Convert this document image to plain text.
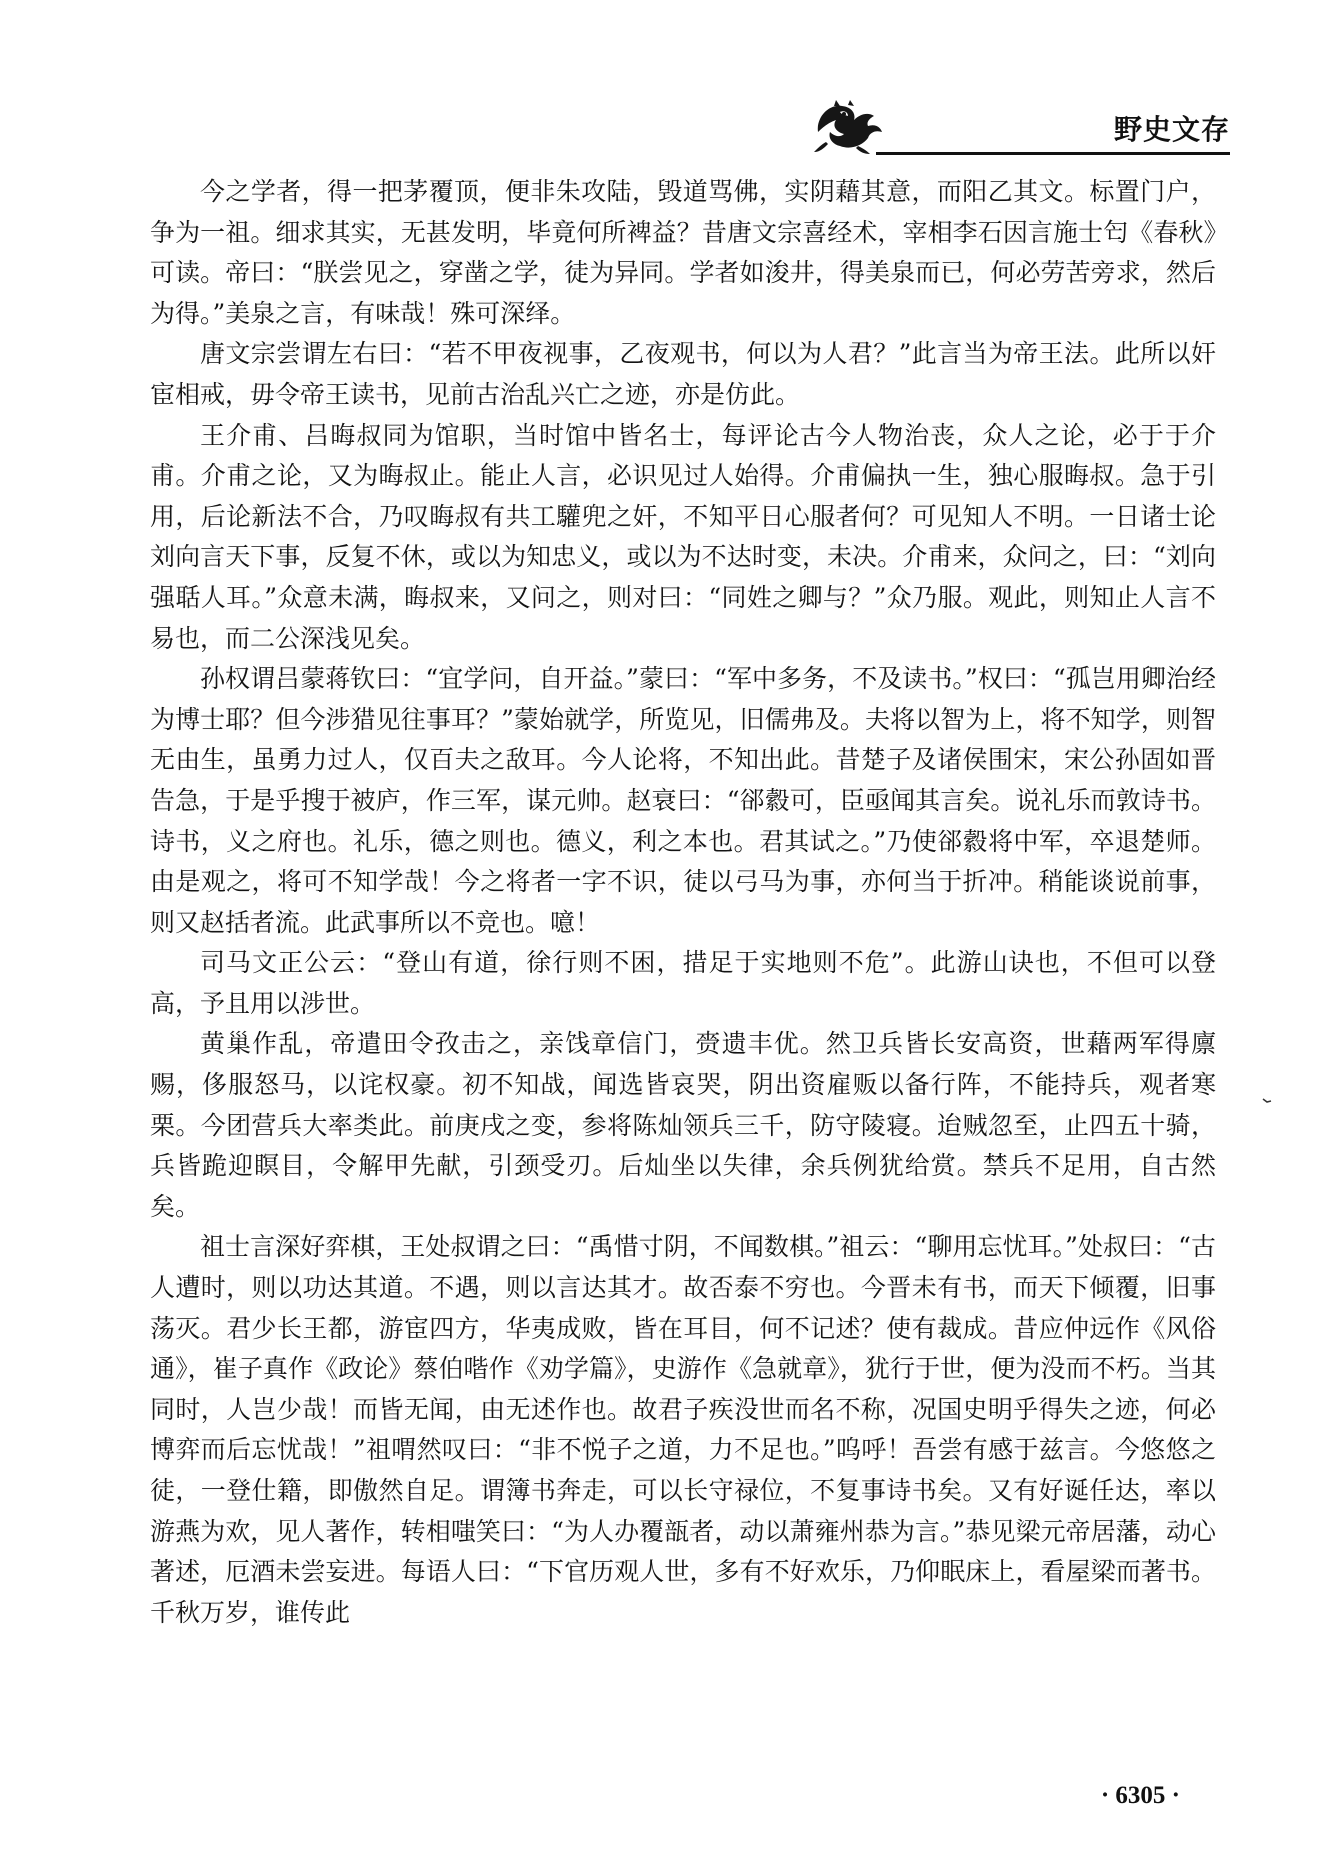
野史文存

今之学者，得一把茅覆顶，便非朱攻陆，毁道骂佛，实阴藉其意，而阳乙其文。标置门户，争为一祖。细求其实，无甚发明，毕竟何所裨益？昔唐文宗喜经术，宰相李石因言施士匄《春秋》可读。帝曰：“朕尝见之，穿凿之学，徒为异同。学者如浚井，得美泉而已，何必劳苦旁求，然后为得。”美泉之言，有味哉！殊可深绎。

唐文宗尝谓左右曰：“若不甲夜视事，乙夜观书，何以为人君？”此言当为帝王法。此所以奸宦相戒，毋令帝王读书，见前古治乱兴亡之迹，亦是仿此。

王介甫、吕晦叔同为馆职，当时馆中皆名士，每评论古今人物治丧，众人之论，必于于介甫。介甫之论，又为晦叔止。能止人言，必识见过人始得。介甫偏执一生，独心服晦叔。急于引用，后论新法不合，乃叹晦叔有共工驩兜之奸，不知平日心服者何？可见知人不明。一日诸士论刘向言天下事，反复不休，或以为知忠义，或以为不达时变，未决。介甫来，众问之，曰：“刘向强聒人耳。”众意未满，晦叔来，又问之，则对曰：“同姓之卿与？”众乃服。观此，则知止人言不易也，而二公深浅见矣。

孙权谓吕蒙蒋钦曰：“宜学问，自开益。”蒙曰：“军中多务，不及读书。”权曰：“孤岂用卿治经为博士耶？但今涉猎见往事耳？”蒙始就学，所览见，旧儒弗及。夫将以智为上，将不知学，则智无由生，虽勇力过人，仅百夫之敌耳。今人论将，不知出此。昔楚子及诸侯围宋，宋公孙固如晋告急，于是乎搜于被庐，作三军，谋元帅。赵衰曰：“郤縠可，臣亟闻其言矣。说礼乐而敦诗书。诗书，义之府也。礼乐，德之则也。德义，利之本也。君其试之。”乃使郤縠将中军，卒退楚师。由是观之，将可不知学哉！今之将者一字不识，徒以弓马为事，亦何当于折冲。稍能谈说前事，则又赵括者流。此武事所以不竞也。噫！

司马文正公云：“登山有道，徐行则不困，措足于实地则不危”。此游山诀也，不但可以登高，予且用以涉世。

黄巢作乱，帝遣田令孜击之，亲饯章信门，赍遗丰优。然卫兵皆长安高资，世藉两军得廪赐，侈服怒马，以诧权豪。初不知战，闻选皆哀哭，阴出资雇贩以备行阵，不能持兵，观者寒栗。今团营兵大率类此。前庚戌之变，参将陈灿领兵三千，防守陵寝。迨贼忽至，止四五十骑，兵皆跪迎瞑目，令解甲先献，引颈受刃。后灿坐以失律，余兵例犹给赏。禁兵不足用，自古然矣。

祖士言深好弈棋，王处叔谓之曰：“禹惜寸阴，不闻数棋。”祖云：“聊用忘忧耳。”处叔曰：“古人遭时，则以功达其道。不遇，则以言达其才。故否泰不穷也。今晋未有书，而天下倾覆，旧事荡灭。君少长王都，游宦四方，华夷成败，皆在耳目，何不记述？使有裁成。昔应仲远作《风俗通》，崔子真作《政论》蔡伯喈作《劝学篇》，史游作《急就章》，犹行于世，便为没而不朽。当其同时，人岂少哉！而皆无闻，由无述作也。故君子疾没世而名不称，况国史明乎得失之迹，何必博弈而后忘忧哉！”祖喟然叹曰：“非不悦子之道，力不足也。”呜呼！吾尝有感于兹言。今悠悠之徒，一登仕籍，即傲然自足。谓簿书奔走，可以长守禄位，不复事诗书矣。又有好诞任达，率以游燕为欢，见人著作，转相嗤笑曰：“为人办覆瓿者，动以萧雍州恭为言。”恭见梁元帝居藩，动心著述，厄酒未尝妄进。每语人曰：“下官历观人世，多有不好欢乐，乃仰眠床上，看屋梁而著书。千秋万岁，谁传此

· 6305 ·
